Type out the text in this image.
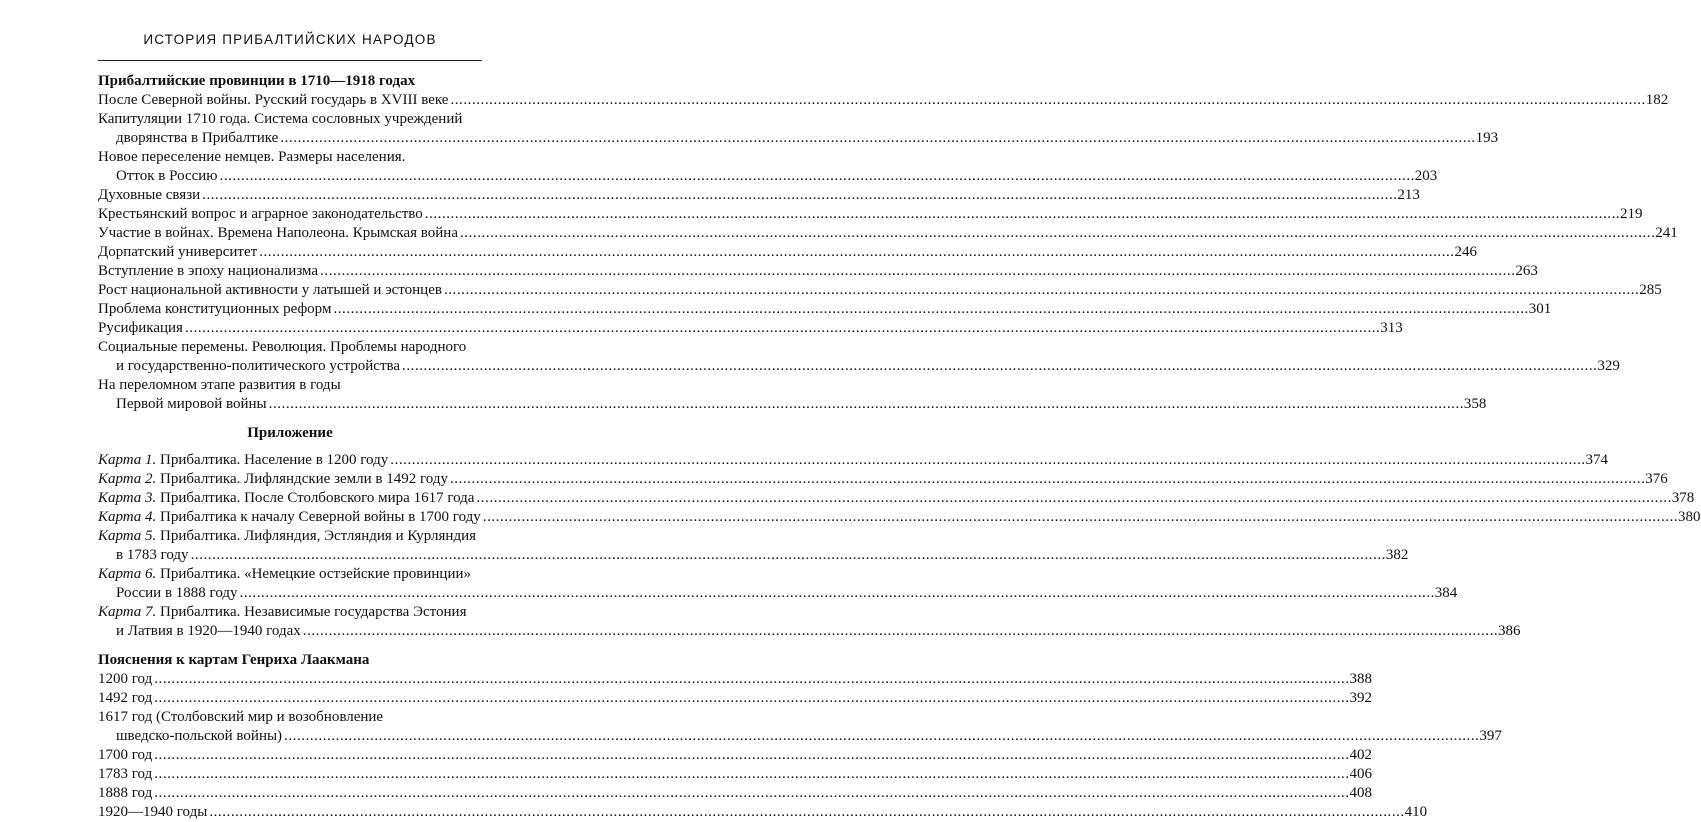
ИСТОРИЯ ПРИБАЛТИЙСКИХ НАРОДОВ
Прибалтийские провинции в 1710—1918 годах
После Северной войны. Русский государь в XVIII веке . . .	182
Капитуляции 1710 года. Система сословных учреждений
дворянства в Прибалтике . . .	193
Новое переселение немцев. Размеры населения.
Отток в Россию . . .	203
Духовные связи . . .	213
Крестьянский вопрос и аграрное законодательство . . .	219
Участие в войнах. Времена Наполеона. Крымская война . . .	241
Дорпатский университет . . .	246
Вступление в эпоху национализма . . .	263
Рост национальной активности у латышей и эстонцев . . .	285
Проблема конституционных реформ . . .	301
Русификация . . .	313
Социальные перемены. Революция. Проблемы народного
и государственно-политического устройства . . .	329
На переломном этапе развития в годы
Первой мировой войны . . .	358
Приложение
Карта 1. Прибалтика. Население в 1200 году . . .	374
Карта 2. Прибалтика. Лифляндские земли в 1492 году . . .	376
Карта 3. Прибалтика. После Столбовского мира 1617 года . . .	378
Карта 4. Прибалтика к началу Северной войны в 1700 году . . .	380
Карта 5. Прибалтика. Лифляндия, Эстляндия и Курляндия
в 1783 году . . .	382
Карта 6. Прибалтика. «Немецкие остзейские провинции»
России в 1888 году . . .	384
Карта 7. Прибалтика. Независимые государства Эстония
и Латвия в 1920—1940 годах . . .	386
Пояснения к картам Генриха Лаакмана
1200 год . . .	388
1492 год . . .	392
1617 год (Столбовский мир и возобновление
шведско-польской войны) . . .	397
1700 год . . .	402
1783 год . . .	406
1888 год . . .	408
1920—1940 годы . . .	410
